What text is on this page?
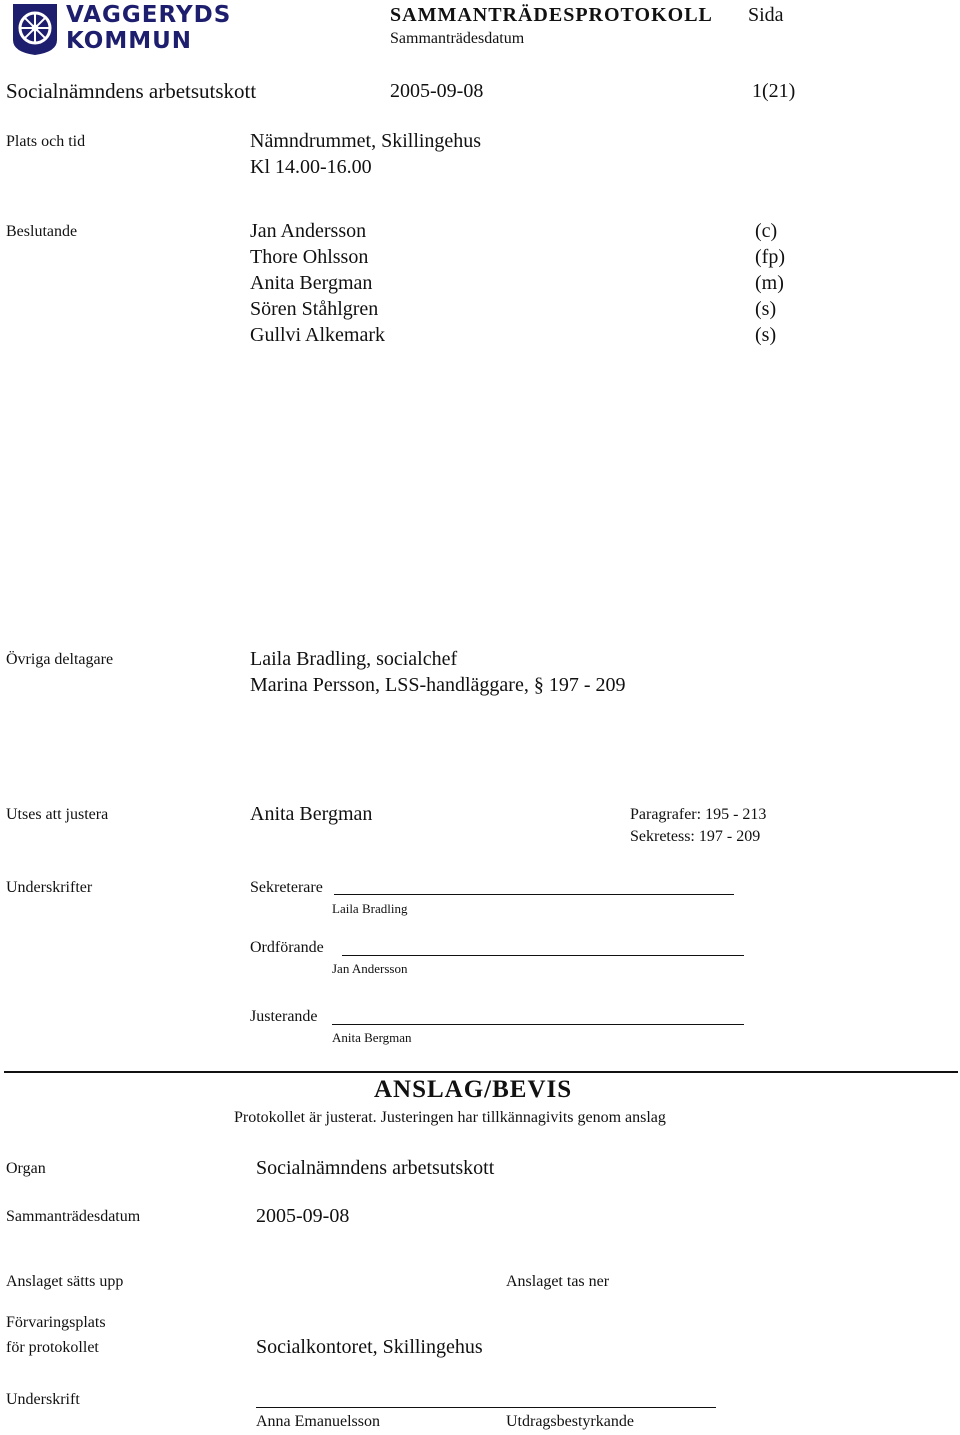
VAGGERYDS
KOMMUN
SAMMANTRÄDESPROTOKOLL Sida
Sammanträdesdatum
Socialnämndens arbetsutskott	2005-09-08	1(21)
Plats och tid	Nämndrummet, Skillingehus
Kl 14.00-16.00
Beslutande	Jan Andersson	(c)
Thore Ohlsson	(fp)
Anita Bergman	(m)
Sören Ståhlgren	(s)
Gullvi Alkemark	(s)
Övriga deltagare	Laila Bradling, socialchef
Marina Persson, LSS-handläggare, § 197 - 209
Utses att justera	Anita Bergman	Paragrafer: 195 - 213
Sekretess: 197 - 209
Underskrifter	Sekreterare
Laila Bradling
Ordförande
Jan Andersson
Justerande
Anita Bergman
ANSLAG/BEVIS
Protokollet är justerat. Justeringen har tillkännagivits genom anslag
Organ	Socialnämndens arbetsutskott
Sammanträdesdatum	2005-09-08
Anslaget sätts upp	Anslaget tas ner
Förvaringsplats
för protokollet	Socialkontoret, Skillingehus
Underskrift
Anna Emanuelsson	Utdragsbestyrkande
